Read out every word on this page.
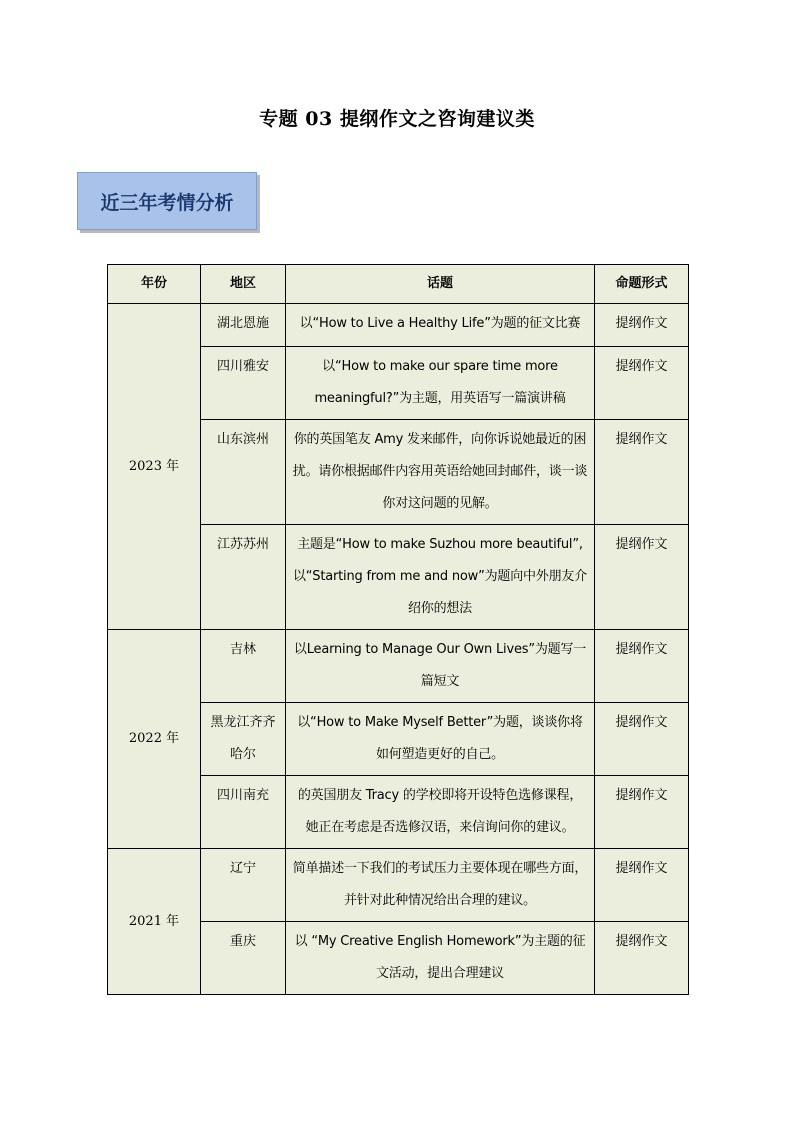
专题 03 提纲作文之咨询建议类
近三年考情分析
年份	地区	话题	命题形式
2023 年	湖北恩施	以“How to Live a Healthy Life”为题的征文比赛	提纲作文
	四川雅安	以“How to make our spare time more meaningful?”为主题，用英语写一篇演讲稿	提纲作文
	山东滨州	你的英国笔友 Amy 发来邮件，向你诉说她最近的困扰。请你根据邮件内容用英语给她回封邮件，谈一谈你对这问题的见解。	提纲作文
	江苏苏州	主题是“How to make Suzhou more beautiful”,以“Starting from me and now”为题向中外朋友介绍你的想法	提纲作文
2022 年	吉林	以Learning to Manage Our Own Lives”为题写一篇短文	提纲作文
	黑龙江齐齐哈尔	以“How to Make Myself Better”为题，谈谈你将如何塑造更好的自己。	提纲作文
	四川南充	的英国朋友 Tracy 的学校即将开设特色选修课程，她正在考虑是否选修汉语，来信询问你的建议。	提纲作文
2021 年	辽宁	简单描述一下我们的考试压力主要体现在哪些方面，并针对此种情况给出合理的建议。	提纲作文
	重庆	以 “My Creative English Homework”为主题的征文活动，提出合理建议	提纲作文
